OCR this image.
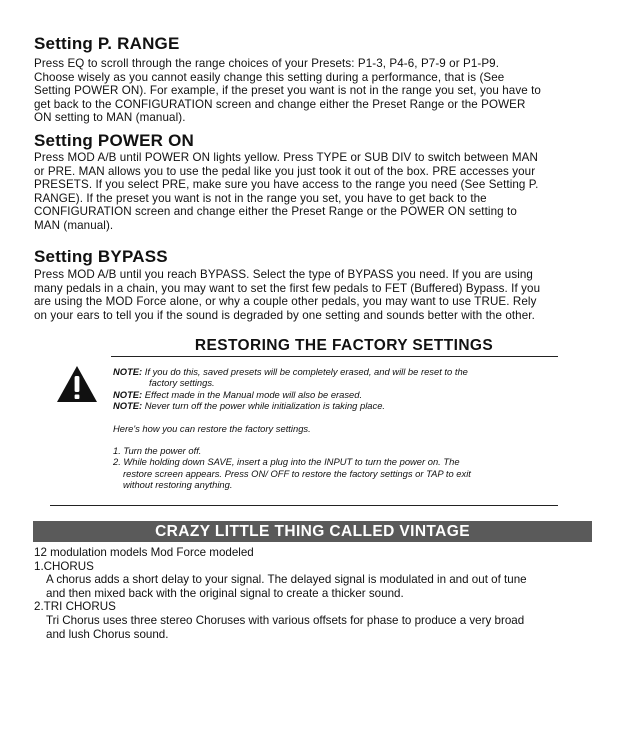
Setting P. RANGE
Press EQ to scroll through the range choices of your Presets: P1-3, P4-6, P7-9 or P1-P9.
Choose wisely as you cannot easily change this setting during a performance, that is (See
Setting POWER ON). For example, if the preset you want is not in the range you set, you have to
get back to the CONFIGURATION screen and change either the Preset Range or the POWER
ON setting to MAN (manual).
Setting POWER ON
Press MOD A/B until POWER ON lights yellow. Press TYPE or SUB DIV to switch between MAN
or PRE. MAN allows you to use the pedal like you just took it out of the box. PRE accesses your
PRESETS. If you select PRE, make sure you have access to the range you need (See Setting P.
RANGE). If the preset you want is not in the range you set, you have to get back to the
CONFIGURATION screen and change either the Preset Range or the POWER ON setting to
MAN (manual).
Setting BYPASS
Press MOD A/B until you reach BYPASS. Select the type of BYPASS you need. If you are using
many pedals in a chain, you may want to set the first few pedals to FET (Buffered) Bypass. If you
are using the MOD Force alone, or why a couple other pedals, you may want to use TRUE. Rely
on your ears to tell you if the sound is degraded by one setting and sounds better with the other.
RESTORING THE FACTORY SETTINGS
NOTE: If you do this, saved presets will be completely erased, and will be reset to the
factory settings.
NOTE: Effect made in the Manual mode will also be erased.
NOTE: Never turn off the power while initialization is taking place.
Here's how you can restore the factory settings.
1. Turn the power off.
2. While holding down SAVE, insert a plug into the INPUT to turn the power on. The
restore screen appears. Press ON/ OFF to restore the factory settings or TAP to exit
without restoring anything.
CRAZY LITTLE THING CALLED VINTAGE
12 modulation models Mod Force modeled
1.CHORUS
A chorus adds a short delay to your signal. The delayed signal is modulated in and out of tune
and then mixed back with the original signal to create a thicker sound.
2.TRI CHORUS
Tri Chorus uses three stereo Choruses with various offsets for phase to produce a very broad
and lush Chorus sound.
